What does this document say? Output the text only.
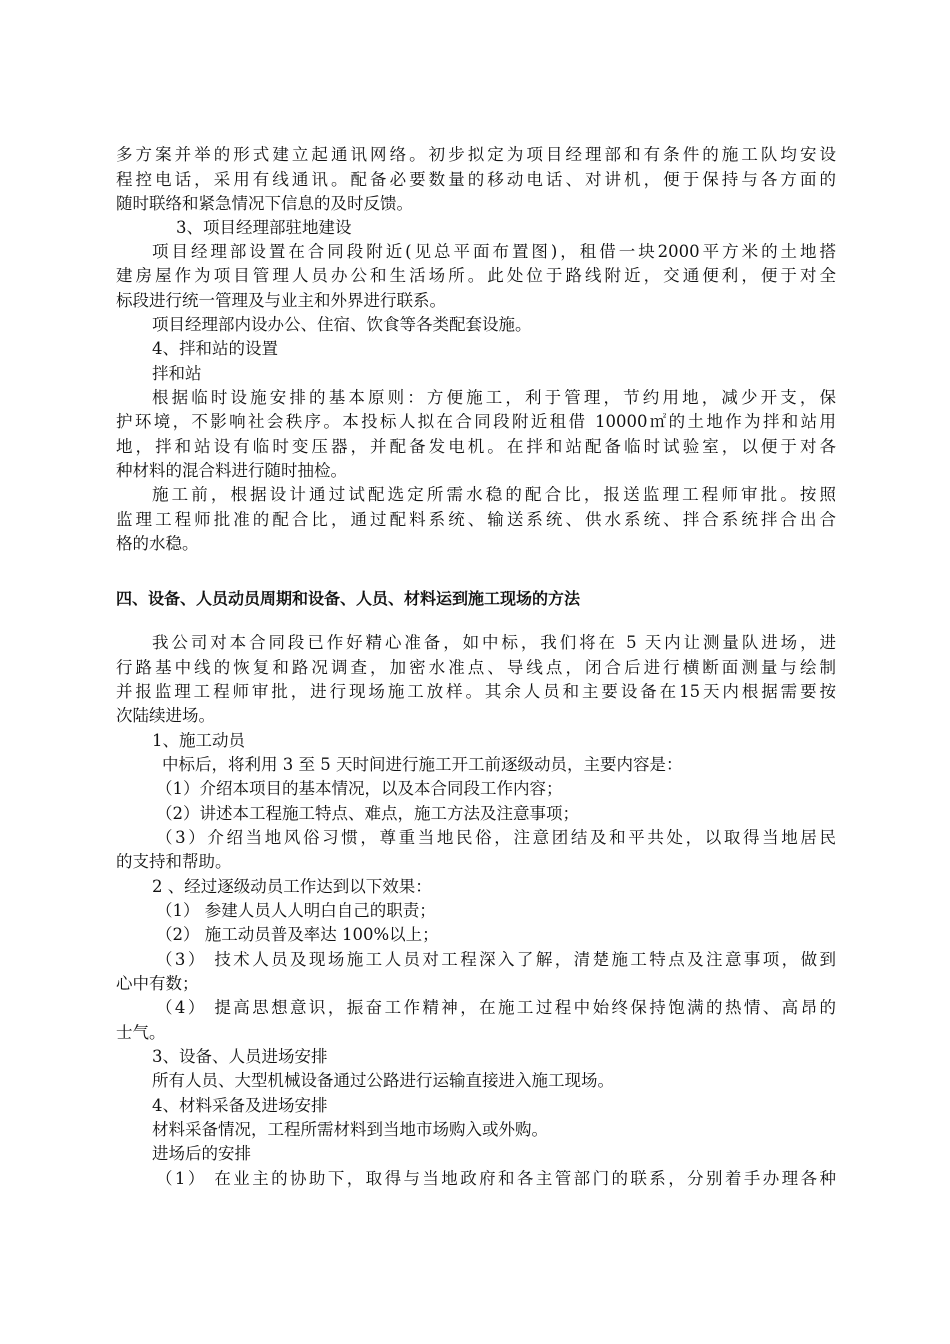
多方案并举的形式建立起通讯网络。初步拟定为项目经理部和有条件的施工队均安设
程控电话，采用有线通讯。配备必要数量的移动电话、对讲机，便于保持与各方面的
随时联络和紧急情况下信息的及时反馈。
3、项目经理部驻地建设
项目经理部设置在合同段附近(见总平面布置图)，租借一块2000平方米的土地搭
建房屋作为项目管理人员办公和生活场所。此处位于路线附近，交通便利，便于对全
标段进行统一管理及与业主和外界进行联系。
项目经理部内设办公、住宿、饮食等各类配套设施。
4、拌和站的设置
拌和站
根据临时设施安排的基本原则：方便施工，利于管理，节约用地，减少开支，保
护环境，不影响社会秩序。本投标人拟在合同段附近租借 10000㎡的土地作为拌和站用
地，拌和站设有临时变压器，并配备发电机。在拌和站配备临时试验室，以便于对各
种材料的混合料进行随时抽检。
施工前，根据设计通过试配选定所需水稳的配合比，报送监理工程师审批。按照
监理工程师批准的配合比，通过配料系统、输送系统、供水系统、拌合系统拌合出合
格的水稳。
四、设备、人员动员周期和设备、人员、材料运到施工现场的方法
我公司对本合同段已作好精心准备，如中标，我们将在 5 天内让测量队进场，进
行路基中线的恢复和路况调查，加密水准点、导线点，闭合后进行横断面测量与绘制
并报监理工程师审批，进行现场施工放样。其余人员和主要设备在15天内根据需要按
次陆续进场。
1、施工动员
中标后，将利用 3 至 5 天时间进行施工开工前逐级动员，主要内容是：
（1）介绍本项目的基本情况，以及本合同段工作内容；
（2）讲述本工程施工特点、难点，施工方法及注意事项；
（3）介绍当地风俗习惯，尊重当地民俗，注意团结及和平共处，以取得当地居民
的支持和帮助。
2 、经过逐级动员工作达到以下效果：
（1） 参建人员人人明白自己的职责；
（2） 施工动员普及率达 100%以上；
（3） 技术人员及现场施工人员对工程深入了解，清楚施工特点及注意事项，做到
心中有数；
（4） 提高思想意识，振奋工作精神，在施工过程中始终保持饱满的热情、高昂的
士气。
3、设备、人员进场安排
所有人员、大型机械设备通过公路进行运输直接进入施工现场。
4、材料采备及进场安排
材料采备情况，工程所需材料到当地市场购入或外购。
进场后的安排
（1） 在业主的协助下，取得与当地政府和各主管部门的联系，分别着手办理各种
